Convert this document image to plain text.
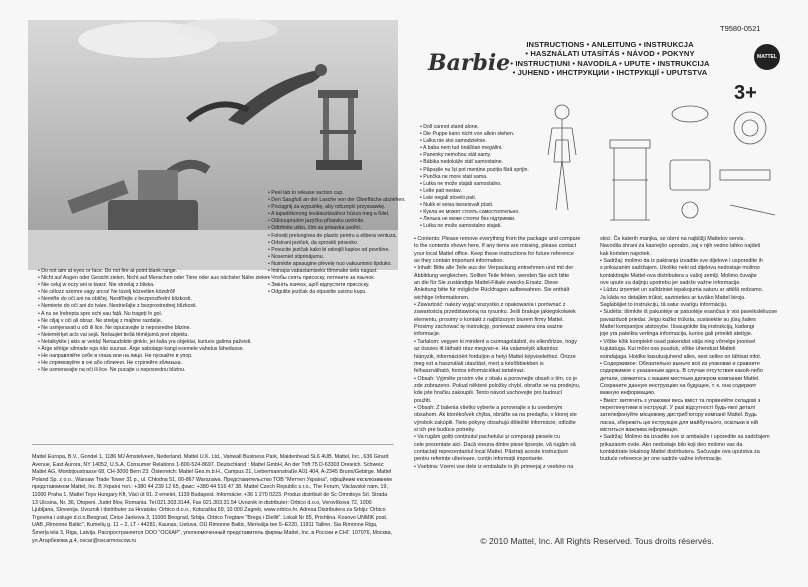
• Peel tab to release suction cup.

• Den Saugfuß an der Lasche von der Oberfläche abziehen.

• Pociągnij za wypustkę, aby odczepić przyssawkę.

• A tapadókorong leválasztásához húzza meg a fület.

• Odlouupnutím jazýčku přísavku uvolníte.

• Odtrhnite uško, čím sa prísavka uvoľní.

• Folosiți prelungirea de plastic pentru a elibera ventuza.

• Odstrani jeziček, da sprostiš priseskо.

• Povucite jezičak kako bi odvojili kapice od površine.

• Nosemiet stiprinājumu.

• Nuimkite apsaugine plėvelę nuo vakuuminio lipduko.

• Iminapa vabastamiseks tõmmake sela nagast.

• Чтобы снять присоску, потяните за язычок.

• Змініть язичок, щоб відпустити присоску.

• Odgulite jezičak da otpustite usisnu kupu.

• Do not aim at eyes or face. Do not fire at point blank range.

• Nicht auf Augen oder Gesicht zielen. Nicht auf Menschen oder Tiere oder aus nächster Nähe zielen.

• Nie celuj w oczy ani w twarz. Nie strzelaj z bliska.

• Ne célozz szemre vagy arcra! Ne tüzelj közvetlen közelről!

• Nemiřte do očí ani na obličej. Nestřílejte z bezprostřední blízkosti.

• Nemierte do očí ani do tváre. Nestrieľajte z bezprostrednej blízkosti.

• A nu se îndrepta spre ochi sau față. Nu trageți în gol.

• Ne ciljaj v oči ali obraz. Ne streljaj z majhne razdalje.

• Ne usmjeravati u oči ili lice. Ne ispucavajte iz neposredne blizine.

• Neiemērķet acīs vai sejā. Nešaujiet tiešā tēmējumā pret objektu.

• Netaikykite į akis ar veidą! Nenaudokite ginklo, jei šalia yra objektai, kuriuos galima pažeisti.

• Ärge sihtige silmade ega näo suunas. Ärge sabotage kangi esemele vahetus lähedusse.

• Не направляйте себе в глаза или на лицо. Не пускайте в упор.

• Не спрямовуйте в очі або обличчя. Не стріляйте зблизька.

• Ne usmeravajte na oči ili lice. Ne pucajte u neposrednu blizinu.

Mattel Europa, B.V., Gondel 1, 1186 MJ Amstelveen, Nederland. Mattel U.K. Ltd., Vanwall Business Park, Maidenhead SL6 4UB. Mattel, Inc., 636 Girard Avenue, East Aurora, NY 14052, U.S.A. Consumer Relations 1-800-524-8697. Deutschland : Mattel GmbH, An der Trift 75 D-63303 Dreieich. Schweiz: Mattel AG, Monbijoustrasse 68, CH-3000 Bern 23. Österreich: Mattel Ges.m.b.H., Campus 21, Liebermannstraße A01 404, A-2345 Brunn/Gebirge. Mattel Poland Sp. z o.o., Warsaw Trade Tower 31 p., ul. Chłodna 51, 00-867 Warszawa. Представительство ТОВ "Меттел Україна", офіційним ексклюзивним представником Mattel, Inc. В Україні тел.: +380 44 239 12 65, факс: +380 44 516 47 38. Mattel Czech Republic s.r.o., The Forum, Václavské nám. 19, 11000 Praha 1. Mattel Toys Hungary Kft, Váci út 91. 2 emelet, 1139 Budapest. Informácie: +36 1 270 0223. Produs distribuit de Sc Omnitoys Srl. Strada 13 Ulcsina, Nr. 36, Otopeni. Judet Ilfov, Romania. Tel.021.303.3144, Fax 021.303.31.54 Uvoznik in distributer: Orbico d.o.o, Verovškova 72, 1000 Ljubljana, Slovenija. Uvoznik i distributer za Hrvatsku: Orbico d.o.o., Koturaška 69, 10 000 Zagreb, www.orbico.hr. Adresa Distributera za Srbiju: Orbico Trgovina i usluge d.o.o.Beograd, Ćirice Jankova 3, 11000 Beograd, Srbija. Orbico Tregtare "Bregu i Diellit". Lokali Nr 85, Prishtina. Kosovo UNMIK post. UAB „Rimonne Baltic", Kumelių g. 11 – 2, LT - 44281, Kaunas, Lietuva. OÜ Rimonne Baltic, Merivälja tee 5–E220, 11911 Tallinn. Sia Rimonne Riga, Šmerļa iela 3, Riga, Latvija. Рaспространяется ООО "ОСКАР", уполномоченный представитель фирмы Mattel, Inc. в России и СНГ. 107076, Москва, ул.Атарбекова д.4, oscar@oscarmoscow.ru
T9580-0521
Barbie
INSTRUCTIONS • ANLEITUNG • INSTRUKCJA
• HASZNÁLATI UTASÍTÁS • NÁVOD • POKYNY
• INSTRUCȚIUNI • NAVODILA • UPUTE • INSTRUKCIJA
• JUHEND • ИНСТРУКЦИИ • ІНСТРУКЦІЇ • UPUTSTVA
MATTEL
3+

• Doll cannot stand alone.

• Die Puppe kann nicht von allein stehen.

• Lalka nie stoi samodzielnie.

• A baba nem tud önállóan megállni.

• Panenky nemohou stát samy.

• Bábika nedokáže stáť samostatne.

• Păpușile nu își pot menține poziția fără sprijin.

• Punčka ne more stati sama.

• Lutka ne može stajati samostalno.

• Lelle pati nestav.

• Lele negali stovėti pati.

• Nukk ei seisa iseseisvalt püsti.

• Кукла не может стоять самостоятельно.

• Лялька не може стояти без підтримки.

• Lutka ne može samostalno stajati.

• Contents: Please remove everything from the package and compare

to the contents shown here. If any items are missing, please contact

your local Mattel office. Keep these instructions for future reference

as they contain important information.

• Inhalt: Bitte alle Teile aus der Verpackung entnehmen und mit der

Abbildung vergleichen. Sollten Teile fehlen, wenden Sie sich bitte

an die für Sie zuständige Mattel-Filiale zwecks Ersatz. Diese

Anleitung bitte für mögliche Rückfragen aufbewahren. Sie enthält

wichtige Informationen.

• Zawartość: należy wyjąć wszystko z opakowania i porównać z

zawartością przedstawioną na rysunku. Jeśli brakuje jakiegokolwiek

elementu, prosimy o kontakt z najbliższym biurem firmy Mattel.

Prosimy zachować tę instrukcję, ponieważ zawiera ona ważne

informacje.

• Tartalom: vegyen ki mindent a csomagolásból, és ellenőrizze, hogy

az összes itt látható rész megvan-e. Ha valamelyik alkatrész

hiányzik, információért forduljon a helyi Mattel képviselethez. Őrizze

meg ezt a használati utasítást, mert a későbbiekben is

felhasználható, fontos információkat tartalmaz.

• Obsah: Vyjměte prosím vše z obalu a porovnejte obsah s tím, co je

zde zobrazeno. Pokud některé položky chybí, obraťte se na prodejnu,

kde jste hračku zakoupili. Tento návod uschovejte pro budoucí

použití.

• Obsah: Z balenia všetko vyberte a porovnajte s tu uvedeným

obsahom. Ak ktorékoľvek chýba, obráťte sa na predajňu, v ktorej ste

výrobok zakúpili. Tieto pokyny obsahujú dôležité informácie, odložte

si ich pre budúce potreby.

• Va rugăm goliți conținutul pachetului și comparați piesele cu

cele prezentate aici. Dacă vreuna dintre piese lipsește, vă rugăm să

contactați reprezentantul local Mattel. Păstrați aceste instrucțiuni

pentru referințe ulterioare, conțin informații importante.

• Vsebina: Vzemi vse dele iz embalaže in jih primerjaj z vsebino na

skici. Če katerih manjka, se obrni na najbližji Mattelov servis.

Navodila shrani za kasnejšo uporabo, saj v njih vedno lahko najdeš

kak koristen napotek.

• Sadržaj: molimo da iz pakiranja izvadite sve dijelove i usporedite ih

s prikazanim sadržajem. Ukoliko neki od dijelova nedostaje molimo

kontaktirajte Mattel-ova distributera u vašoj zemlji. Molimo čuvajte

ove upute za daljnju upotrebu jer sadrže važne informacije.

• Lūdzu izņemiet un salīdziniet iepakojuma saturu ar attēlā redzamo.

Ja kāda no detaļām trūkst, sazinieties ar tuvāko Mattel biroju.

Saglabājiet to instrukciju, tā satur svarīgu informāciju.

• Sudėtis: išimkite iš pakuotėje ar patuotėje esančius ir visi paveikslėliuose

pavaizduoti priedai. Jeigu kažko trūksta, susisiekite su jūsų šalies

Mattel kompanijos atstovybe. Išsaugokite šią instrukciją, kadangi

joje yra pateikta vertinga informacija, kurios gali prireikti ateityje.

• Võtke kõik komplekti osad pakendist välja ning võrrelge joonisel

kujutatuga. Kui mõni osa puudub, võtke ühendust Matteli

esindajaga. Hoidke kasutusjuhend alles, sest selles on tähtsat infot.

• Содержимое: Обязательно выньте всё из упаковки и сравните

содержимое с указанным здесь. В случае отсутствия какой-либо

детали, свяжитесь с вашим местным дилером компании Mattel.

Сохраните данную инструкцию на будущее, т. к. она содержит

важную информацию.

• Вміст: витягніть з упаковки весь вміст та порівняйте складові з

переглянутими в інструкції. У разі відсутності будь-якої деталі

зателефонуйте місцевому дистриб'ютору компанії Mattel. Будь

ласка, збережіть цю інструкцію для майбутнього, оскільки в ній

міститься важлива інформація.

• Sadržaj: Molimo da izvadite sve iz ambalaže i uporedite sa sadržajem

prikazanim ovde. Ako nedostaje bilo koji deo molimo vas da

kontaktirate lokalnog Mattel distributera. Sačuvajte ova uputstva za

buduće reference jer one sadrže važne informacije.

© 2010 Mattel, Inc. All Rights Reserved. Tous droits réservés.
